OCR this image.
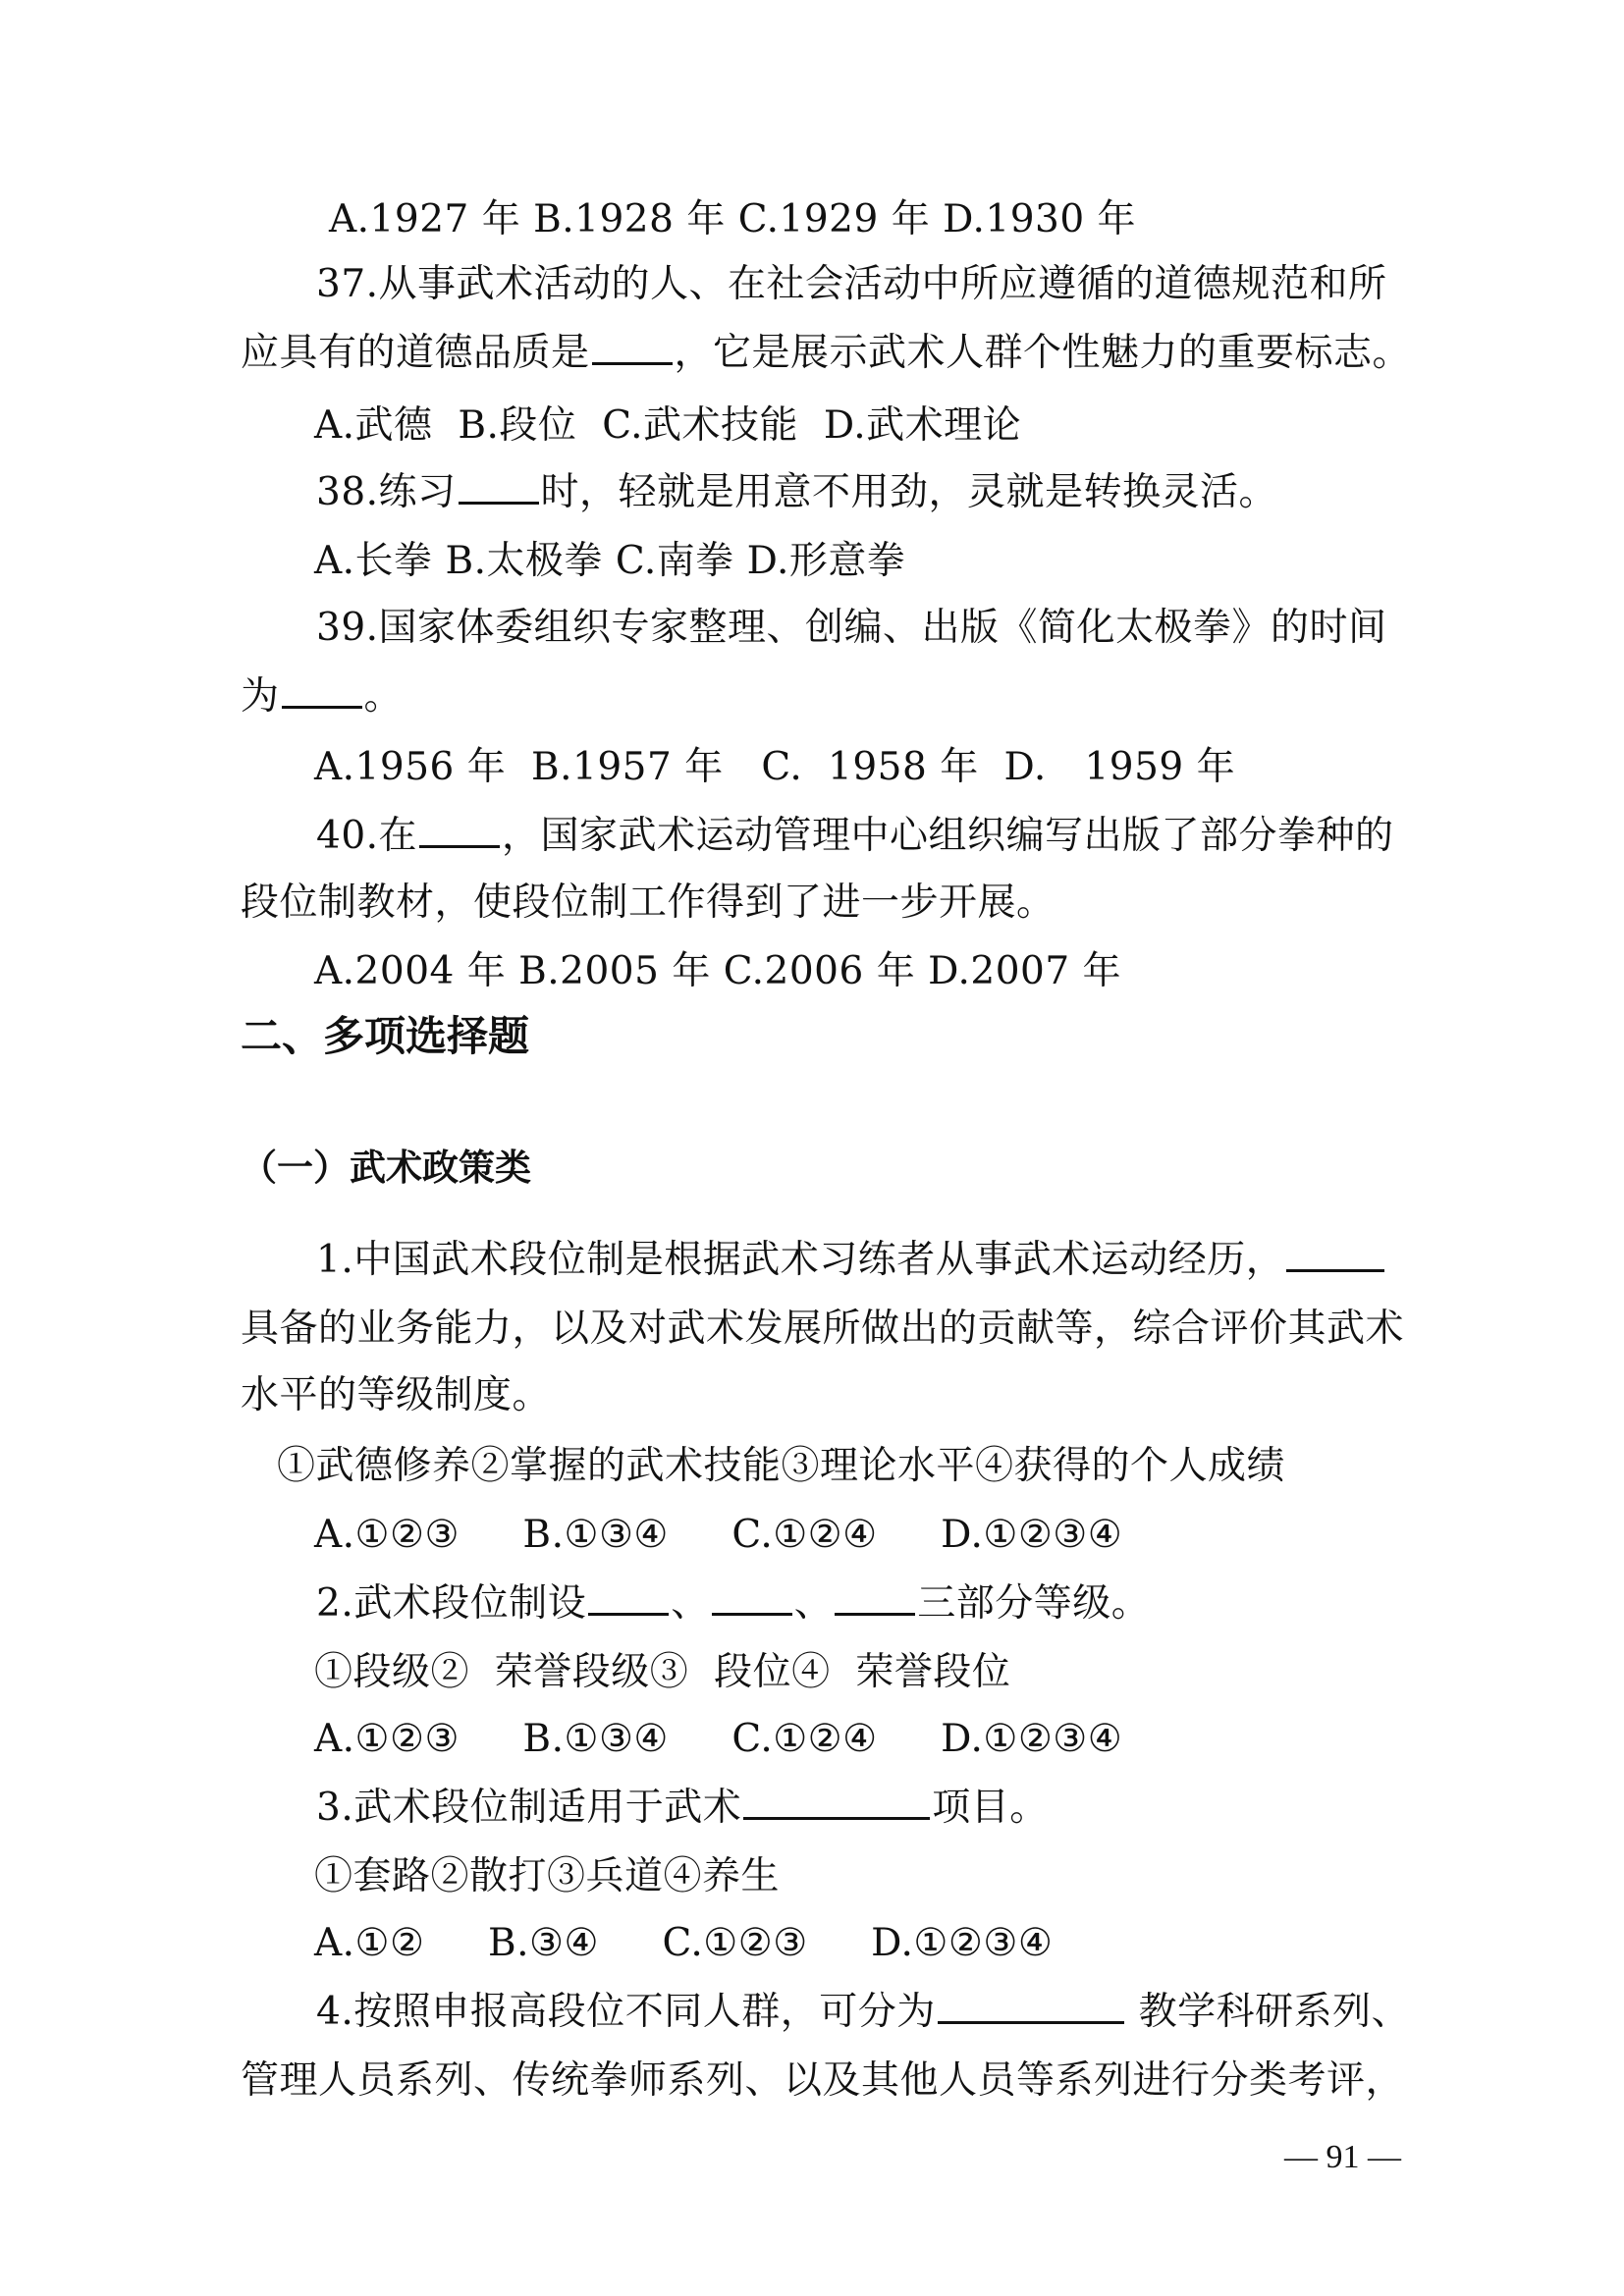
A.1927 年 B.1928 年 C.1929 年 D.1930 年
37.从事武术活动的人、在社会活动中所应遵循的道德规范和所
应具有的道德品质是 ，它是展示武术人群个性魅力的重要标志。
A.武德  B.段位  C.武术技能  D.武术理论
38.练习 时，轻就是用意不用劲，灵就是转换灵活。
A.长拳 B.太极拳 C.南拳 D.形意拳
39.国家体委组织专家整理、创编、出版《简化太极拳》的时间
为 。
A.1956 年  B.1957 年   C.  1958 年  D.   1959 年
40.在 ，国家武术运动管理中心组织编写出版了部分拳种的
段位制教材，使段位制工作得到了进一步开展。
A.2004 年 B.2005 年 C.2006 年 D.2007 年
二、多项选择题
（一）武术政策类
1.中国武术段位制是根据武术习练者从事武术运动经历，
具备的业务能力，以及对武术发展所做出的贡献等，综合评价其武术
水平的等级制度。
①武德修养②掌握的武术技能③理论水平④获得的个人成绩
A.①②③     B.①③④     C.①②④     D.①②③④
2.武术段位制设 、 、 三部分等级。
①段级②  荣誉段级③  段位④  荣誉段位
A.①②③     B.①③④     C.①②④     D.①②③④
3.武术段位制适用于武术	项目。
①套路②散打③兵道④养生
A.①②     B.③④     C.①②③     D.①②③④
4.按照申报高段位不同人群，可分为	教学科研系列、
管理人员系列、传统拳师系列、以及其他人员等系列进行分类考评，
— 91 —
